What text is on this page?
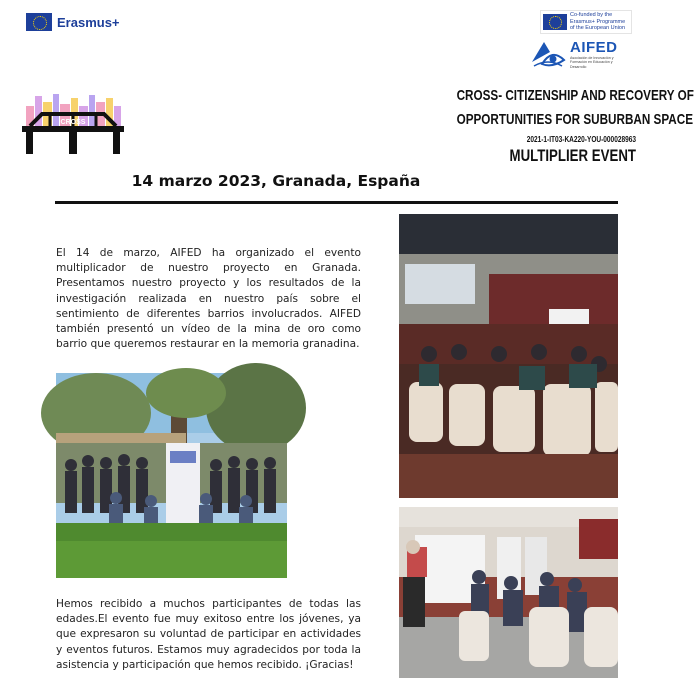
Erasmus+	Co-funded by the Erasmus+ Programme of the European Union
AIFED
Asociación de Innovación y Formación en Educación y Desarrollo
CROSS
CROSS- CITIZENSHIP AND RECOVERY OF
OPPORTUNITIES FOR SUBURBAN SPACE
2021-1-IT03-KA220-YOU-000028963
MULTIPLIER EVENT
14 marzo 2023, Granada, España

El 14 de marzo, AIFED ha organizado el evento multiplicador de nuestro proyecto en Granada. Presentamos nuestro proyecto y los resultados de la investigación realizada en nuestro país sobre el sentimiento de diferentes barrios involucrados. AIFED también presentó un vídeo de la mina de oro como barrio que queremos restaurar en la memoria granadina.

Hemos recibido a muchos participantes de todas las edades.El evento fue muy exitoso entre los jóvenes, ya que expresaron su voluntad de participar en actividades y eventos futuros. Estamos muy agradecidos por toda la asistencia y participación que hemos recibido. ¡Gracias!
